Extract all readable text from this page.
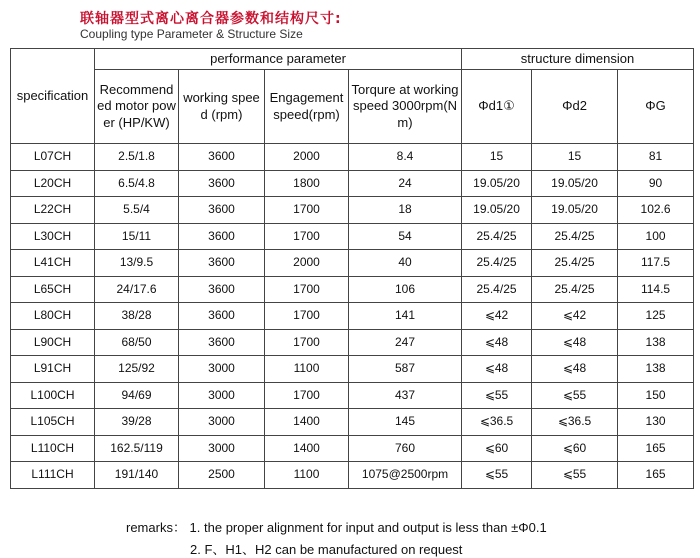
联轴器型式离心离合器参数和结构尺寸:
Coupling type Parameter & Structure Size
specification	performance parameter				structure dimension		
	Recommended motor power (HP/KW)	working speed (rpm)	Engagement speed(rpm)	Torqure at working speed 3000rpm(Nm)	Φd1①	Φd2	ΦG
L07CH	2.5/1.8	3600	2000	8.4	15	15	81
L20CH	6.5/4.8	3600	1800	24	19.05/20	19.05/20	90
L22CH	5.5/4	3600	1700	18	19.05/20	19.05/20	102.6
L30CH	15/11	3600	1700	54	25.4/25	25.4/25	100
L41CH	13/9.5	3600	2000	40	25.4/25	25.4/25	117.5
L65CH	24/17.6	3600	1700	106	25.4/25	25.4/25	114.5
L80CH	38/28	3600	1700	141	⩽42	⩽42	125
L90CH	68/50	3600	1700	247	⩽48	⩽48	138
L91CH	125/92	3000	1100	587	⩽48	⩽48	138
L100CH	94/69	3000	1700	437	⩽55	⩽55	150
L105CH	39/28	3000	1400	145	⩽36.5	⩽36.5	130
L110CH	162.5/119	3000	1400	760	⩽60	⩽60	165
L111CH	191/140	2500	1100	1075@2500rpm	⩽55	⩽55	165
remarks： 1. the proper alignment for input and output is less than ±Φ0.1
2. F、H1、H2 can be manufactured on request
